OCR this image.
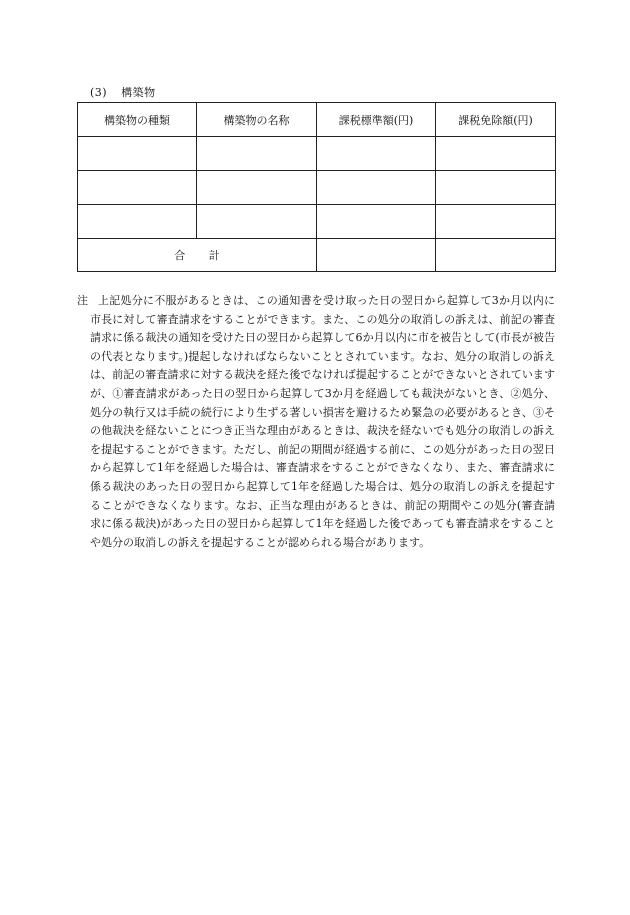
(3) 構築物
構築物の種類	構築物の名称	課税標準額(円)	課税免除額(円)

合 計			
注 上記処分に不服があるときは、この通知書を受け取った日の翌日から起算して3か月以内に市長に対して審査請求をすることができます。また、この処分の取消しの訴えは、前記の審査請求に係る裁決の通知を受けた日の翌日から起算して6か月以内に市を被告として(市長が被告の代表となります。)提起しなければならないこととされています。なお、処分の取消しの訴えは、前記の審査請求に対する裁決を経た後でなければ提起することができないとされていますが、①審査請求があった日の翌日から起算して3か月を経過しても裁決がないとき、②処分、処分の執行又は手続の続行により生ずる著しい損害を避けるため緊急の必要があるとき、③その他裁決を経ないことにつき正当な理由があるときは、裁決を経ないでも処分の取消しの訴えを提起することができます。ただし、前記の期間が経過する前に、この処分があった日の翌日から起算して1年を経過した場合は、審査請求をすることができなくなり、また、審査請求に係る裁決のあった日の翌日から起算して1年を経過した場合は、処分の取消しの訴えを提起することができなくなります。なお、正当な理由があるときは、前記の期間やこの処分(審査請求に係る裁決)があった日の翌日から起算して1年を経過した後であっても審査請求をすることや処分の取消しの訴えを提起することが認められる場合があります。
